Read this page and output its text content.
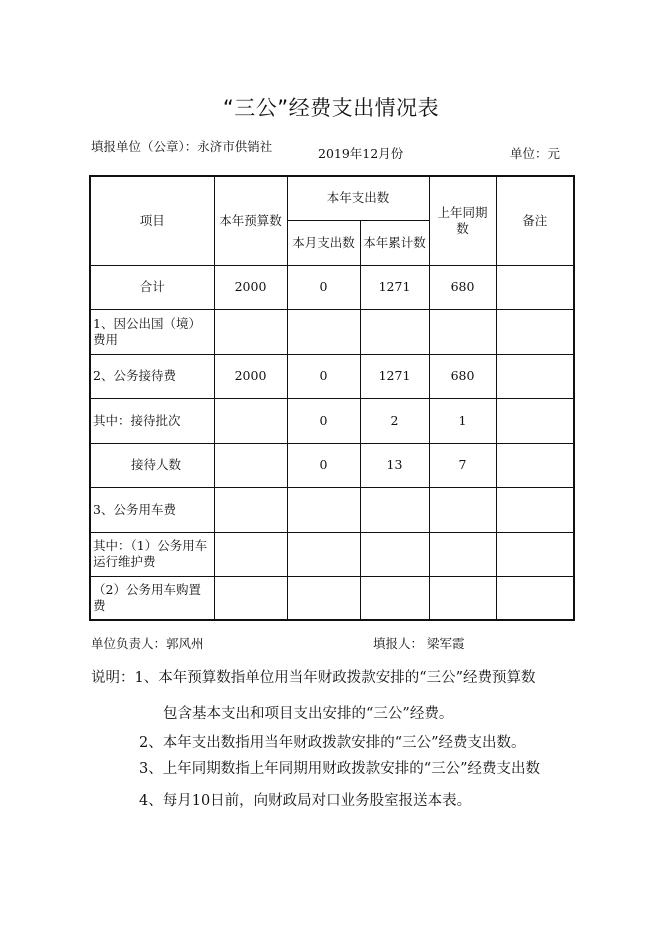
“三公”经费支出情况表
填报单位（公章）：永济市供销社	2019年12月份	单位：元
项目	本年预算数	本年支出数		上年同期数	备注
		本月支出数	本年累计数		
合计	2000	0	1271	680	
1、因公出国（境）费用					
2、公务接待费	2000	0	1271	680	
其中：接待批次		0	2	1	
接待人数		0	13	7	
3、公务用车费					
其中：（1）公务用车运行维护费					
（2）公务用车购置费					
单位负责人：郭风州	填报人： 梁军霞
说明：1、本年预算数指单位用当年财政拨款安排的“三公”经费预算数
包含基本支出和项目支出安排的“三公”经费。
2、本年支出数指用当年财政拨款安排的“三公”经费支出数。
3、上年同期数指上年同期用财政拨款安排的“三公”经费支出数
4、每月10日前，向财政局对口业务股室报送本表。
